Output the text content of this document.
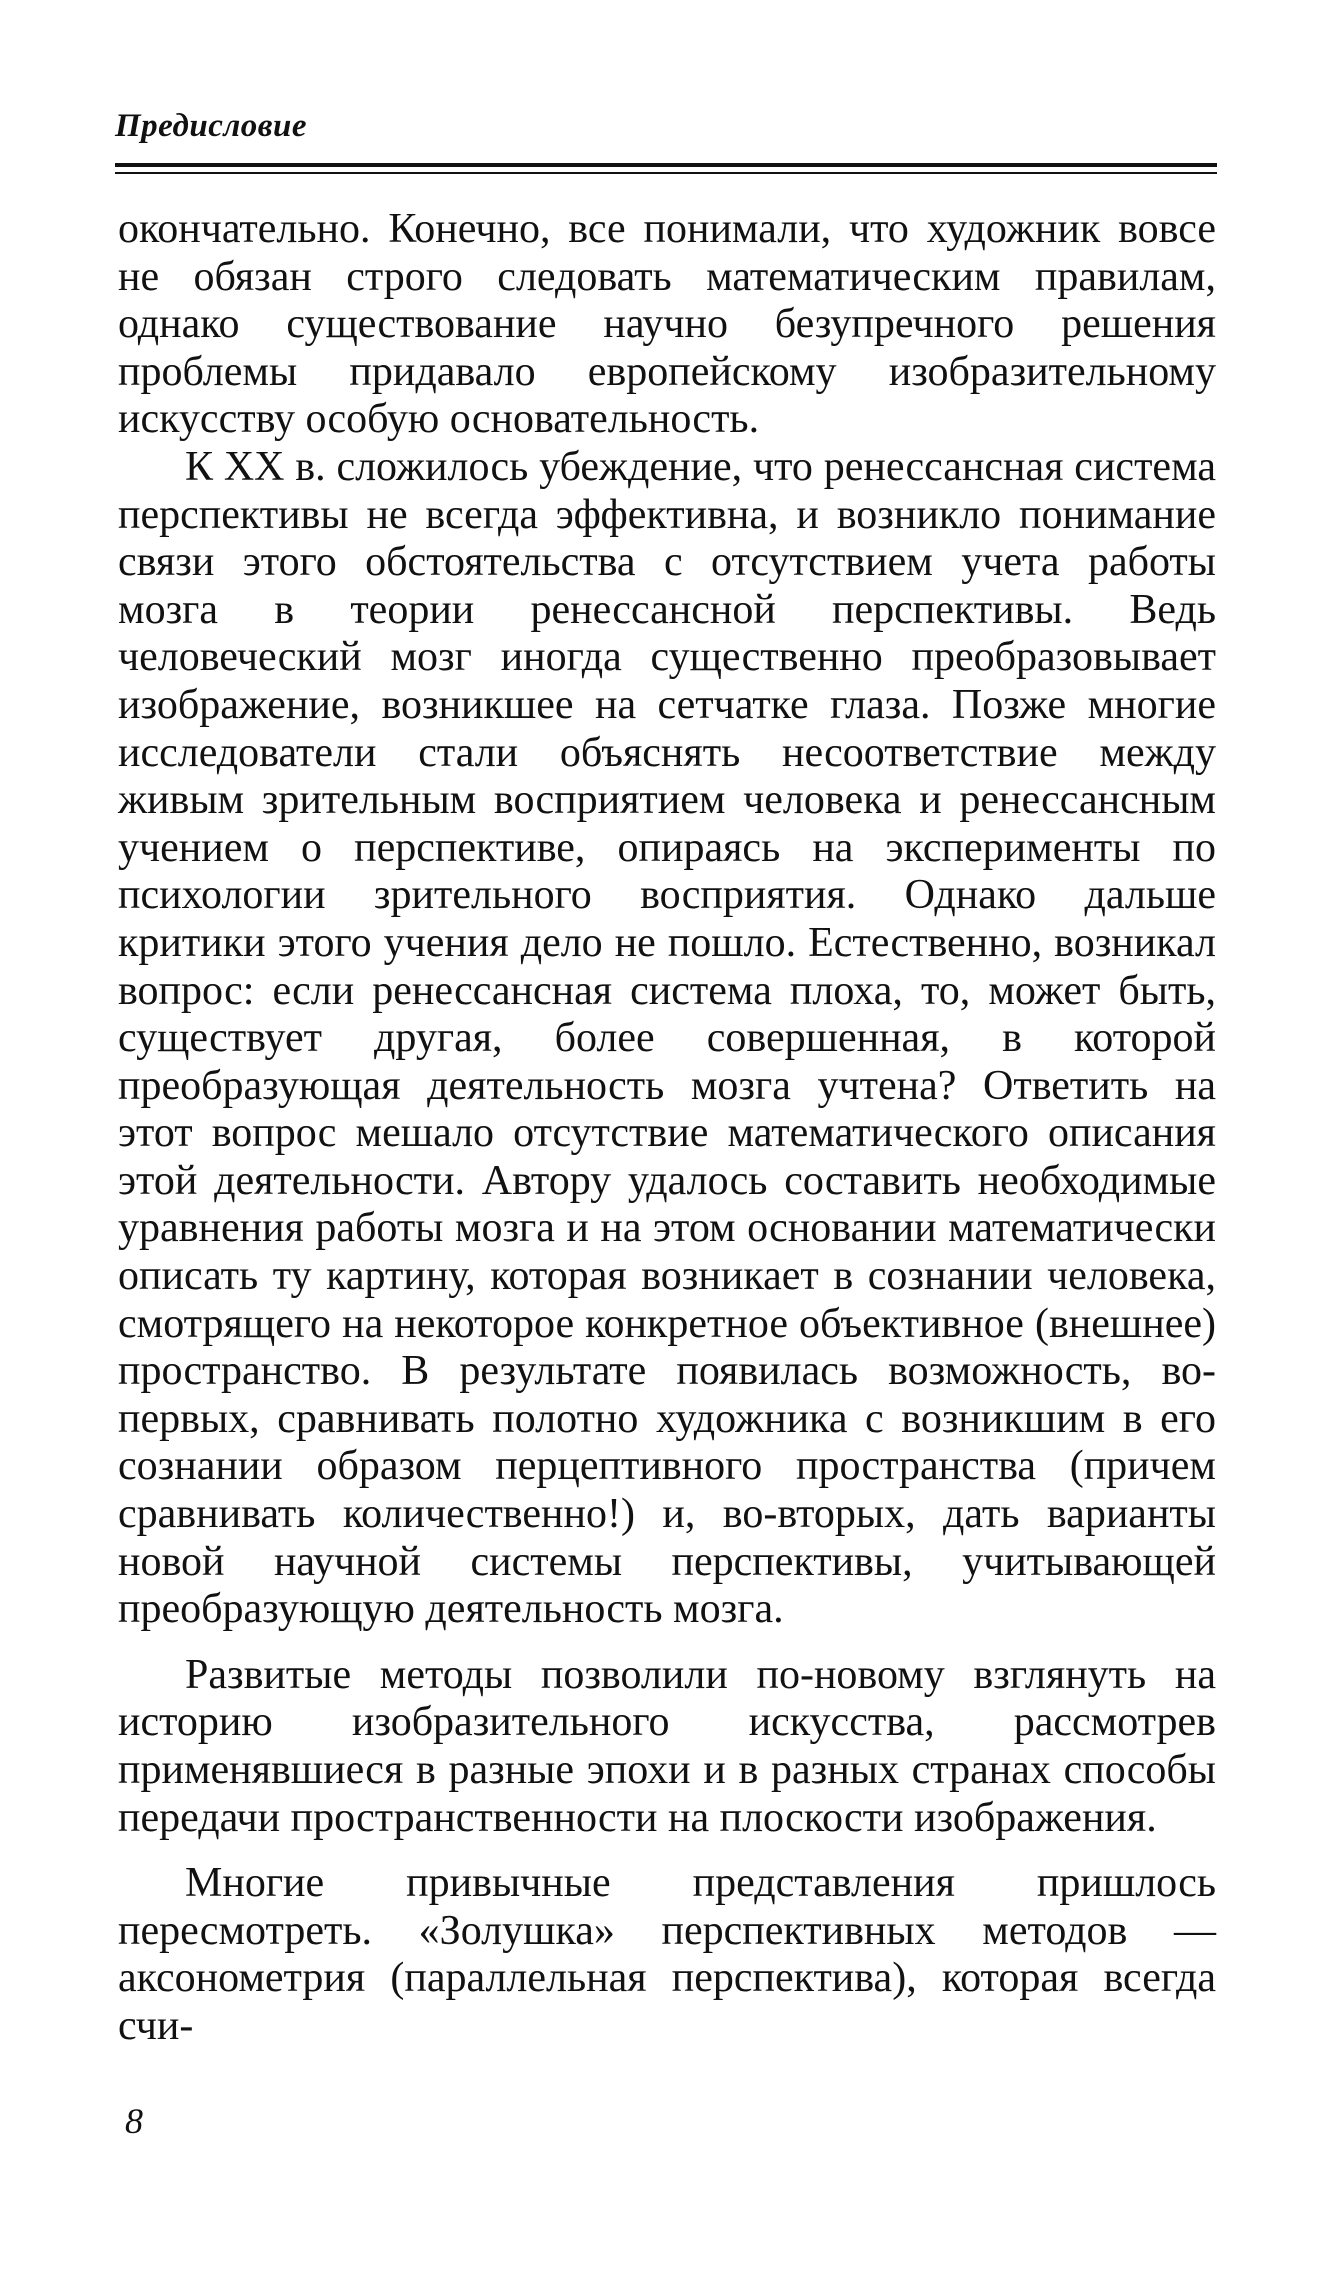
Предисловие

окончательно. Конечно, все понимали, что художник вовсе не обязан строго следовать математическим правилам, однако существование научно безупречного решения проблемы придавало европейскому изобразительному искусству особую основательность.

К XX в. сложилось убеждение, что ренессансная система перспективы не всегда эффективна, и возникло понимание связи этого обстоятельства с отсутствием учета работы мозга в теории ренессансной перспективы. Ведь человеческий мозг иногда существенно преобразовывает изображение, возникшее на сетчатке глаза. Позже многие исследователи стали объяснять несоответствие между живым зрительным восприятием человека и ренессансным учением о перспективе, опираясь на эксперименты по психологии зрительного восприятия. Однако дальше критики этого учения дело не пошло. Естественно, возникал вопрос: если ренессансная система плоха, то, может быть, существует другая, более совершенная, в которой преобразующая деятельность мозга учтена? Ответить на этот вопрос мешало отсутствие математического описания этой деятельности. Автору удалось составить необходимые уравнения работы мозга и на этом основании математически описать ту картину, которая возникает в сознании человека, смотрящего на некоторое конкретное объективное (внешнее) пространство. В результате появилась возможность, во-первых, сравнивать полотно художника с возникшим в его сознании образом перцептивного пространства (причем сравнивать количественно!) и, во-вторых, дать варианты новой научной системы перспективы, учитывающей преобразующую деятельность мозга.

Развитые методы позволили по-новому взглянуть на историю изобразительного искусства, рассмотрев применявшиеся в разные эпохи и в разных странах способы передачи пространственности на плоскости изображения.

Многие привычные представления пришлось пересмотреть. «Золушка» перспективных методов — аксонометрия (параллельная перспектива), которая всегда счи-

8
